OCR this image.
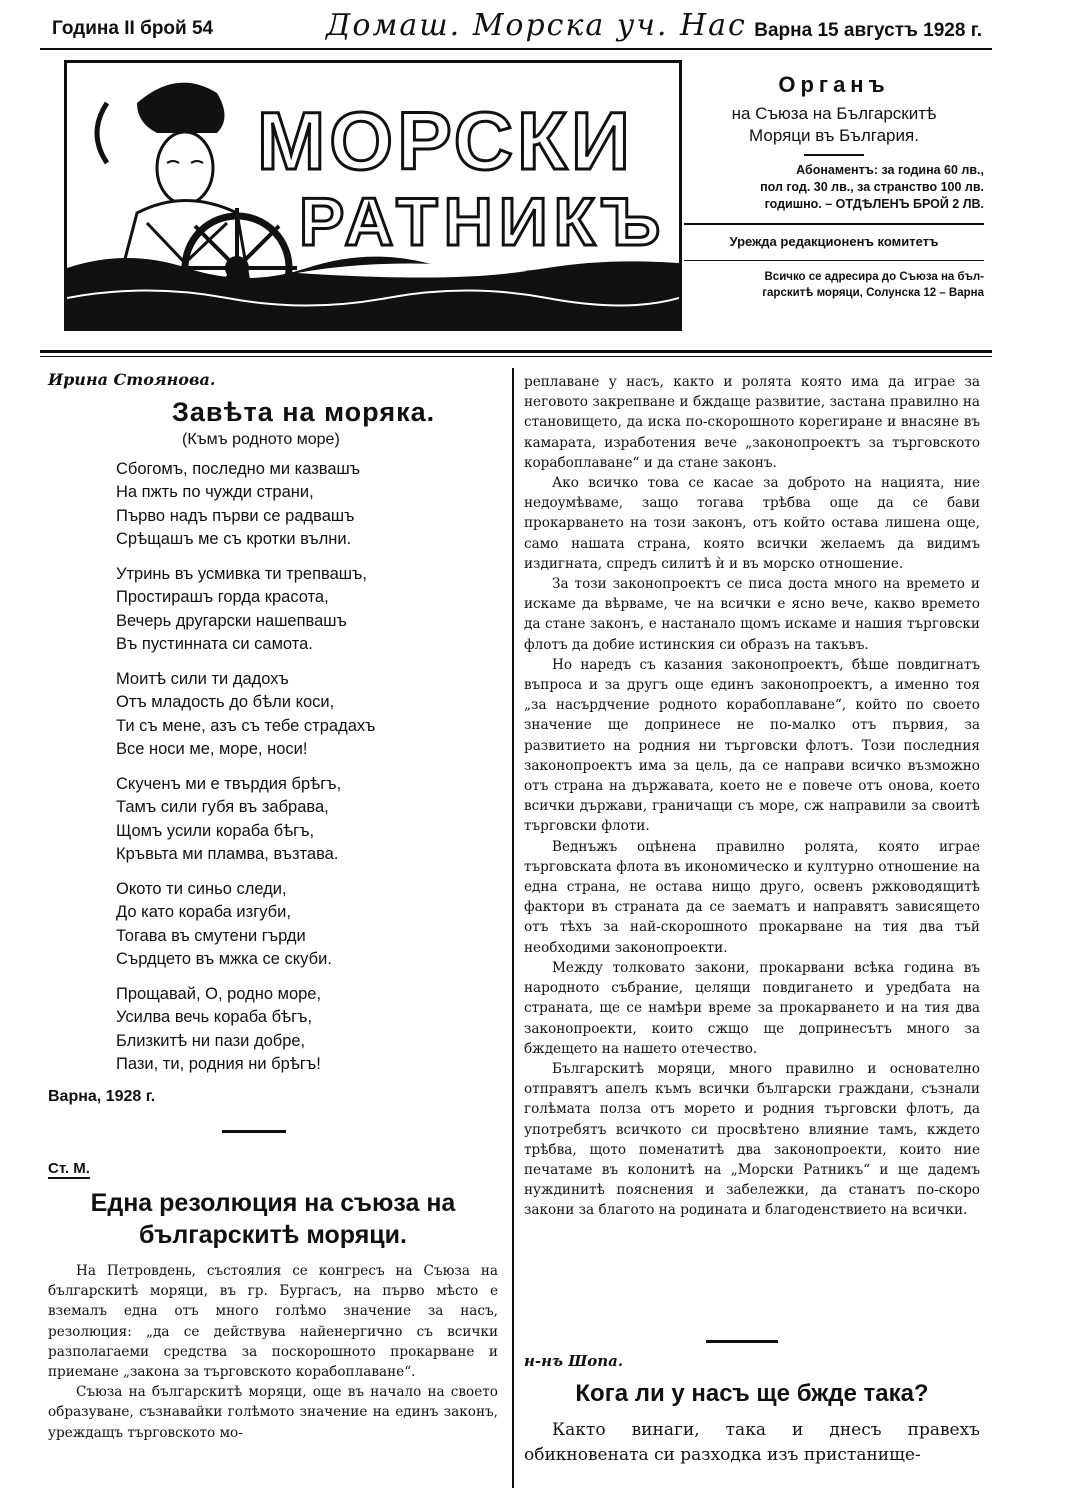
Година II брой 54	Домаш. Морска уч. Нас Варна 15 августъ 1928 г.
МОРСКИ
РАТНИКЪ
Органъ
на Съюза на Българскитѣ
Моряци въ България.
Абонаментъ: за година 60 лв.,
пол год. 30 лв., за странство 100 лв.
годишно. – ОТДѢЛЕНЪ БРОЙ 2 ЛВ.
Урежда редакционенъ комитетъ
Всичко се адресира до Съюза на бъл-
гарскитѣ моряци, Солунска 12 – Варна
Ирина Стоянова.
Завѣта на моряка.
(Къмъ родното море)
Сбогомъ, последно ми казвашъ
На пжть по чужди страни,
Първо надъ първи се радвашъ
Срѣщашъ ме съ кротки вълни.
Утринь въ усмивка ти трепвашъ,
Простирашъ горда красота,
Вечерь другарски нашепвашъ
Въ пустинната си самота.
Моитѣ сили ти дадохъ
Отъ младость до бѣли коси,
Ти съ мене, азъ съ тебе страдахъ
Все носи ме, море, носи!
Скученъ ми е твърдия брѣгъ,
Тамъ сили губя въ забрава,
Щомъ усили кораба бѣгъ,
Кръвьта ми пламва, възтава.
Окото ти синьо следи,
До като кораба изгуби,
Тогава въ смутени гърди
Сърдцето въ мжка се скуби.
Прощавай, О, родно море,
Усилва вечь кораба бѣгъ,
Близкитѣ ни пази добре,
Пази, ти, родния ни брѣгъ!
Варна, 1928 г.
Ст. М.
Една резолюция на съюза на
българскитѣ моряци.

На Петровдень, състоялия се конгресъ на Съюза на българскитѣ моряци, въ гр. Бургасъ, на първо мѣсто е вземалъ една отъ много голѣмо значение за насъ, резолюция: „да се действува найенергично съ всички разполагаеми средства за поскорошното прокарване и приемане „закона за търговското корабоплаване“.

Съюза на българскитѣ моряци, още въ начало на своето образуване, съзнавайки голѣмото значение на единъ законъ, уреждащъ търговското мо-

реплаване у насъ, както и ролята която има да играе за неговото закрепване и бждаще развитие, застана правилно на становището, да иска по-скорошното корегиране и внасяне въ камарата, изработения вече „законопроектъ за търговското корабоплаване“ и да стане законъ.

Ако всичко това се касае за доброто на нацията, ние недоумѣваме, защо тогава трѣбва още да се бави прокарването на този законъ, отъ който остава лишена още, само нашата страна, която всички желаемъ да видимъ издигната, спредъ силитѣ ѝ и въ морско отношение.

За този законопроектъ се писа доста много на времето и искаме да вѣрваме, че на всички е ясно вече, какво времето да стане законъ, е настанало щомъ искаме и нашия търговски флотъ да добие истинския си образъ на такъвъ.

Но наредъ съ казания законопроектъ, бѣше повдигнатъ въпроса и за другъ още единъ законопроектъ, а именно тоя „за насърдчение родното корабоплаване“, който по своето значение ще допринесе не по-малко отъ първия, за развитието на родния ни търговски флотъ. Този последния законопроектъ има за цель, да се направи всичко възможно отъ страна на държавата, което не е повече отъ онова, което всички държави, граничащи съ море, сж направили за своитѣ търговски флоти.

Веднъжъ оцѣнена правилно ролята, която играе търговската флота въ икономическо и културно отношение на една страна, не остава нищо друго, освенъ ржководящитѣ фактори въ страната да се заематъ и направятъ зависящето отъ тѣхъ за най-скорошното прокарване на тия два тъй необходими законопроекти.

Между толковато закони, прокарвани всѣка година въ народното събрание, целящи повдигането и уредбата на страната, ще се намѣри време за прокарването и на тия два законопроекти, които сжщо ще допринесътъ много за бждещето на нашето отечество.

Българскитѣ моряци, много правилно и основателно отправятъ апелъ къмъ всички български граждани, съзнали голѣмата полза отъ морето и родния търговски флотъ, да употребятъ всичкото си просвѣтено влияние тамъ, кждето трѣбва, щото поменатитѣ два законопроекти, които ние печатаме въ колонитѣ на „Морски Ратникъ“ и ще дадемъ нуждинитѣ пояснения и забележки, да станатъ по-скоро закони за благото на родината и благоденствието на всички.

н-нъ Шопа.
Кога ли у насъ ще бжде така?

Както винаги, така и днесъ правехъ обикновената си разходка изъ пристанище-
